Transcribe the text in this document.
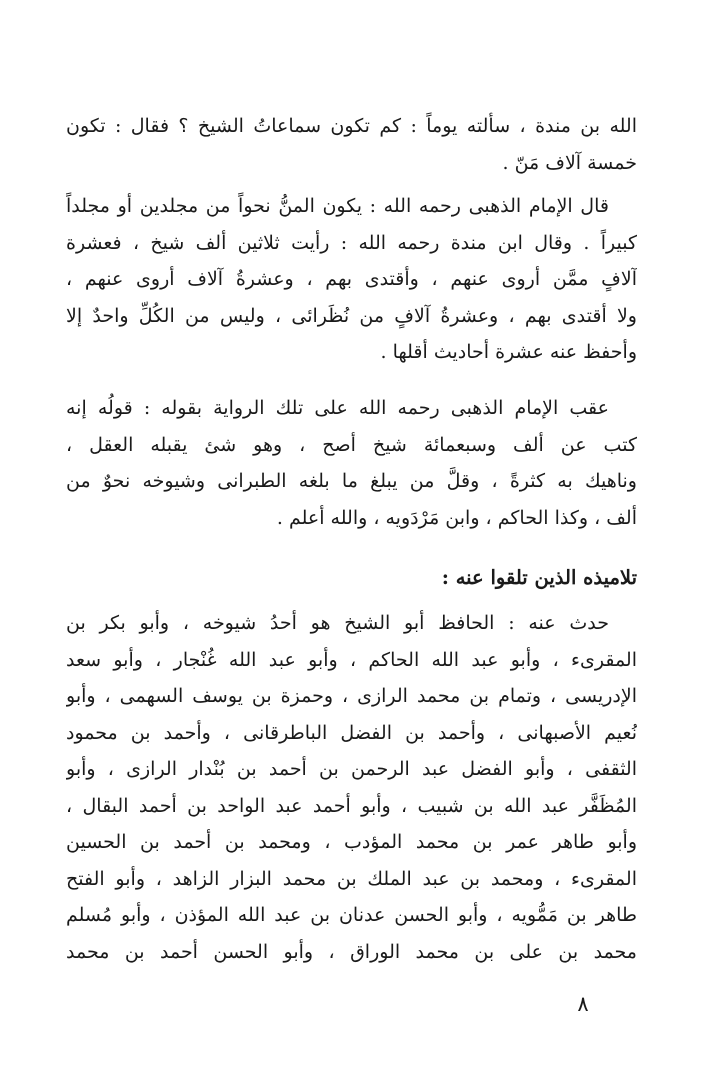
الله بن مندة ، سألته يوماً : كم تكون سماعاتُ الشيخ ؟ فقال : تكون
خمسة آلاف مَنّ .
قال الإمام الذهبى رحمه الله : يكون المنُّ نحواً من مجلدين أو مجلداً
كبيراً . وقال ابن مندة رحمه الله : رأيت ثلاثين ألف شيخ ، فعشرة
آلافٍ ممَّن أروى عنهم ، وأقتدى بهم ، وعشرةُ آلاف أروى عنهم ،
ولا أقتدى بهم ، وعشرةُ آلافٍ من نُظَرائى ، وليس من الكُلِّ واحدٌ إلا
وأحفظ عنه عشرة أحاديث أقلها .
عقب الإمام الذهبى رحمه الله على تلك الرواية بقوله : قولُه إنه
كتب عن ألف وسبعمائة شيخ أصح ، وهو شئ يقبله العقل ،
وناهيك به كثرةً ، وقلَّ من يبلغ ما بلغه الطبرانى وشيوخه نحوٌ من
ألف ، وكذا الحاكم ، وابن مَرْدَويه ، والله أعلم .
تلاميذه الذين تلقوا عنه :
حدث عنه : الحافظ أبو الشيخ هو أحدُ شيوخه ، وأبو بكر بن
المقرىء ، وأبو عبد الله الحاكم ، وأبو عبد الله غُنْجار ، وأبو سعد
الإدريسى ، وتمام بن محمد الرازى ، وحمزة بن يوسف السهمى ، وأبو
نُعيم الأصبهانى ، وأحمد بن الفضل الباطرقانى ، وأحمد بن محمود
الثقفى ، وأبو الفضل عبد الرحمن بن أحمد بن بُنْدار الرازى ، وأبو
المُظَفَّر عبد الله بن شبيب ، وأبو أحمد عبد الواحد بن أحمد البقال ،
وأبو طاهر عمر بن محمد المؤدب ، ومحمد بن أحمد بن الحسين
المقرىء ، ومحمد بن عبد الملك بن محمد البزار الزاهد ، وأبو الفتح
طاهر بن مَمُّويه ، وأبو الحسن عدنان بن عبد الله المؤذن ، وأبو مُسلم
محمد بن على بن محمد الوراق ، وأبو الحسن أحمد بن محمد
٨
